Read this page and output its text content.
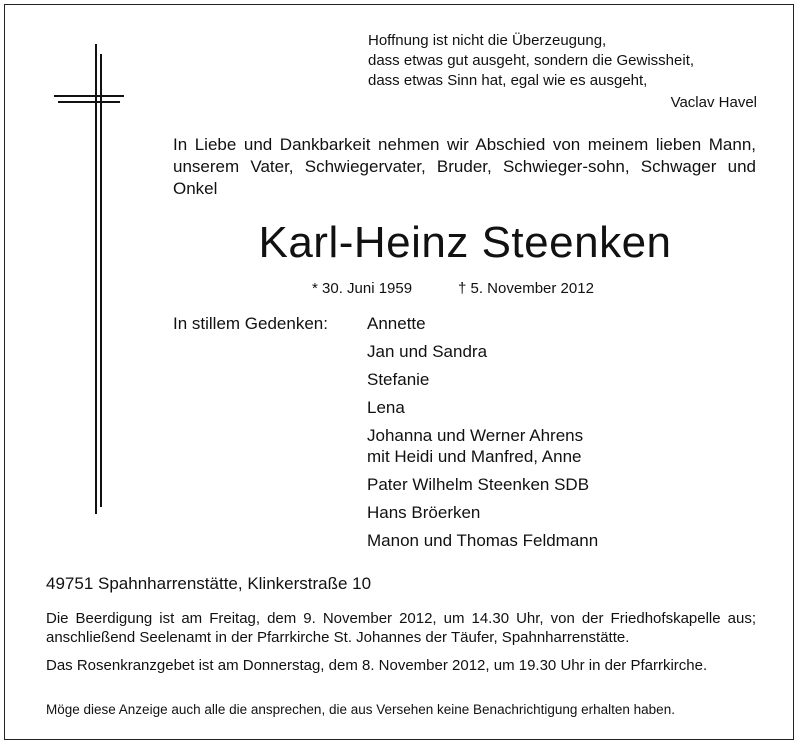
Hoffnung ist nicht die Überzeugung,
dass etwas gut ausgeht, sondern die Gewissheit,
dass etwas Sinn hat, egal wie es ausgeht,
Vaclav Havel
In Liebe und Dankbarkeit nehmen wir Abschied von meinem lieben Mann, unserem Vater, Schwiegervater, Bruder, Schwieger-sohn, Schwager und Onkel
Karl-Heinz Steenken
* 30. Juni 1959	† 5. November 2012
In stillem Gedenken: Annette
Jan und Sandra
Stefanie
Lena
Johanna und Werner Ahrens
mit Heidi und Manfred, Anne
Pater Wilhelm Steenken SDB
Hans Bröerken
Manon und Thomas Feldmann
49751 Spahnharrenstätte, Klinkerstraße 10
Die Beerdigung ist am Freitag, dem 9. November 2012, um 14.30 Uhr, von der Friedhofskapelle aus; anschließend Seelenamt in der Pfarrkirche St. Johannes der Täufer, Spahnharrenstätte.
Das Rosenkranzgebet ist am Donnerstag, dem 8. November 2012, um 19.30 Uhr in der Pfarrkirche.
Möge diese Anzeige auch alle die ansprechen, die aus Versehen keine Benachrichtigung erhalten haben.
